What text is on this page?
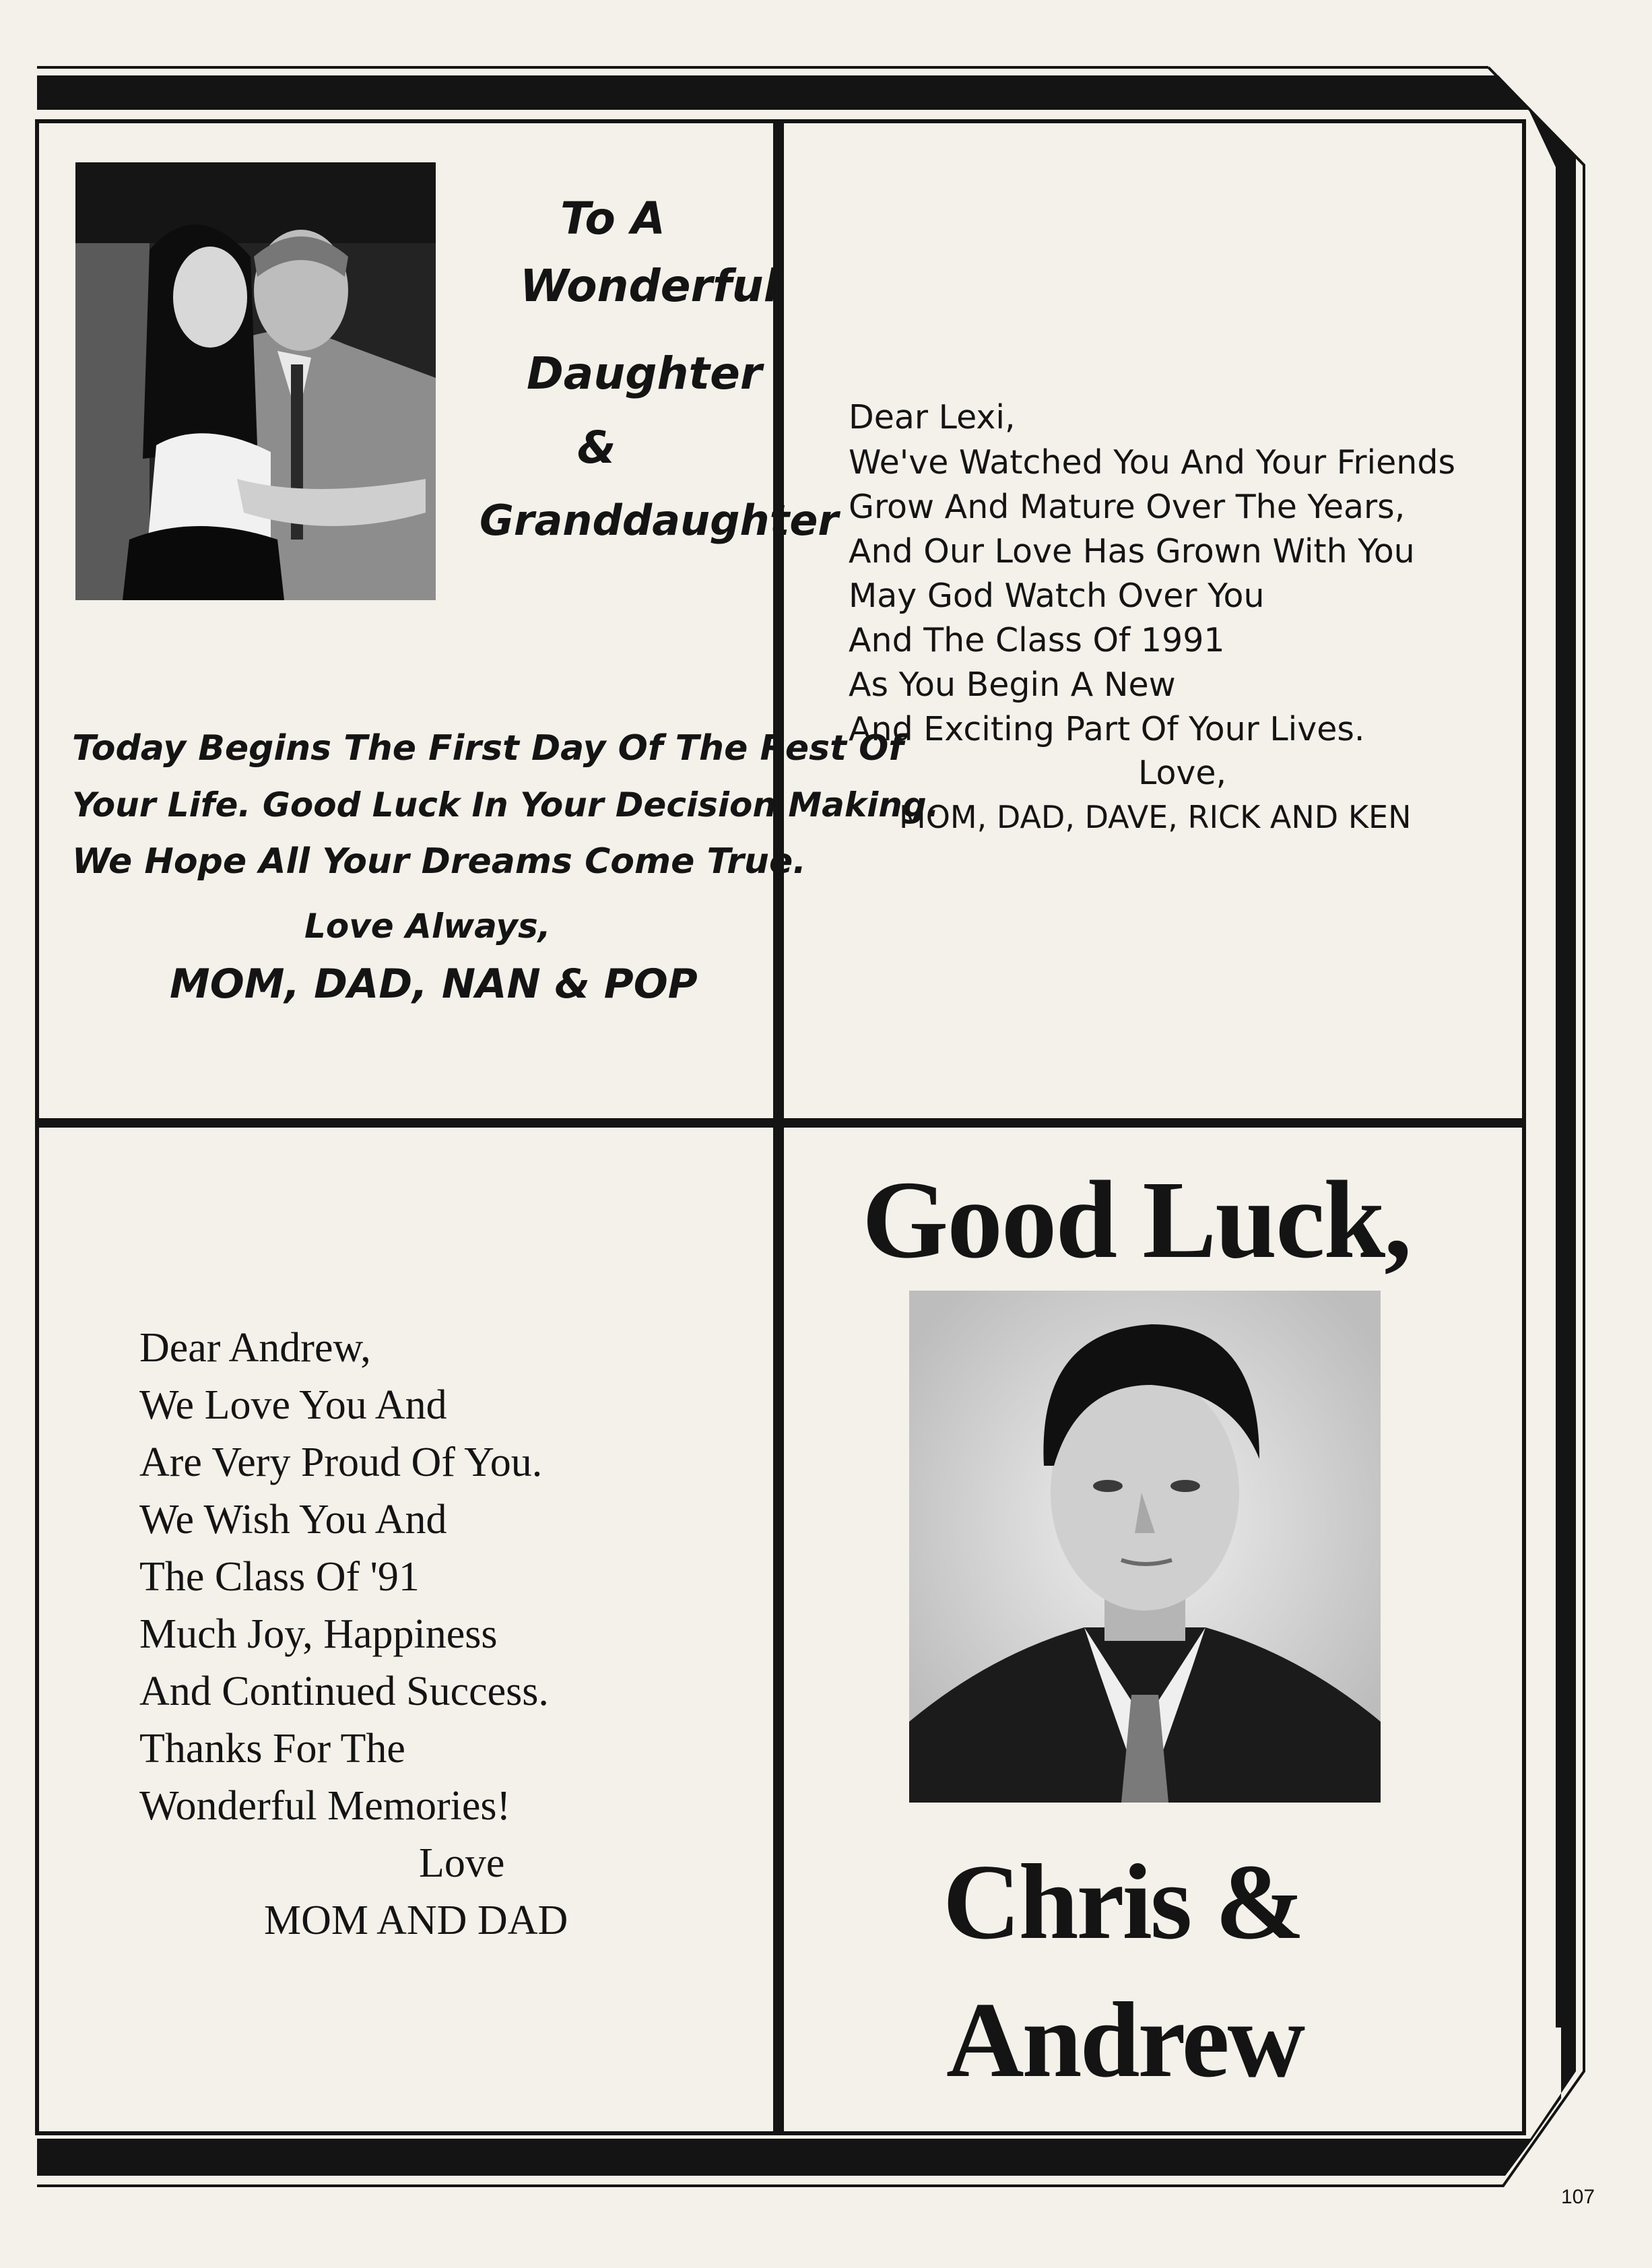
To A
Wonderful
Daughter
&
Granddaughter
Today Begins The First Day Of The Rest Of
Your Life. Good Luck In Your Decision Making.
We Hope All Your Dreams Come True.
Love Always,
MOM, DAD, NAN & POP
Dear Lexi,
We've Watched You And Your Friends
Grow And Mature Over The Years,
And Our Love Has Grown With You
May God Watch Over You
And The Class Of 1991
As You Begin A New
And Exciting Part Of Your Lives.
Love,
MOM, DAD, DAVE, RICK AND KEN
Dear Andrew,
We Love You And
Are Very Proud Of You.
We Wish You And
The Class Of '91
Much Joy, Happiness
And Continued Success.
Thanks For The
Wonderful Memories!
Love
MOM AND DAD
Good Luck,
Chris &
Andrew
107
